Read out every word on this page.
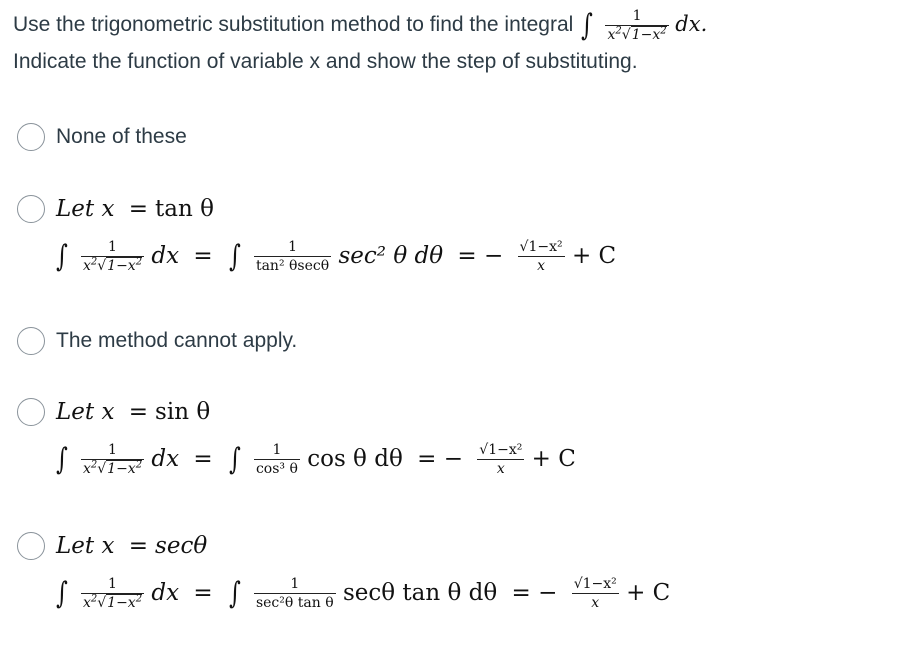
Use the trigonometric substitution method to find the integral ∫ $\frac{1}{x^2√1-x^2}$ dx.
Indicate the function of variable x and show the step of substituting.
None of these
Let x = tan θ
∫ $\frac{1}{x^2√1-x^2}$ dx = ∫ $\frac{1}{\text{tan² θsecθ}} \sec^2$ θ dθ = − $\frac{\text{√1−x²}}{x} + C$
The method cannot apply.
Let x = sin θ
∫ $\frac{1}{x^2√1-x^2}$ dx = ∫ $\frac{1}{\text{cos³ θ}}$ cos θ dθ = − $\frac{\text{√1−x²}}{x} + C$
Let x = secθ
∫ $\frac{1}{x^2√1-x^2}$ dx = ∫ $\frac{1}{\text{sec²θ tan θ}}$ secθ tan θ dθ = − $\frac{\text{√1−x²}}{x} + C$
